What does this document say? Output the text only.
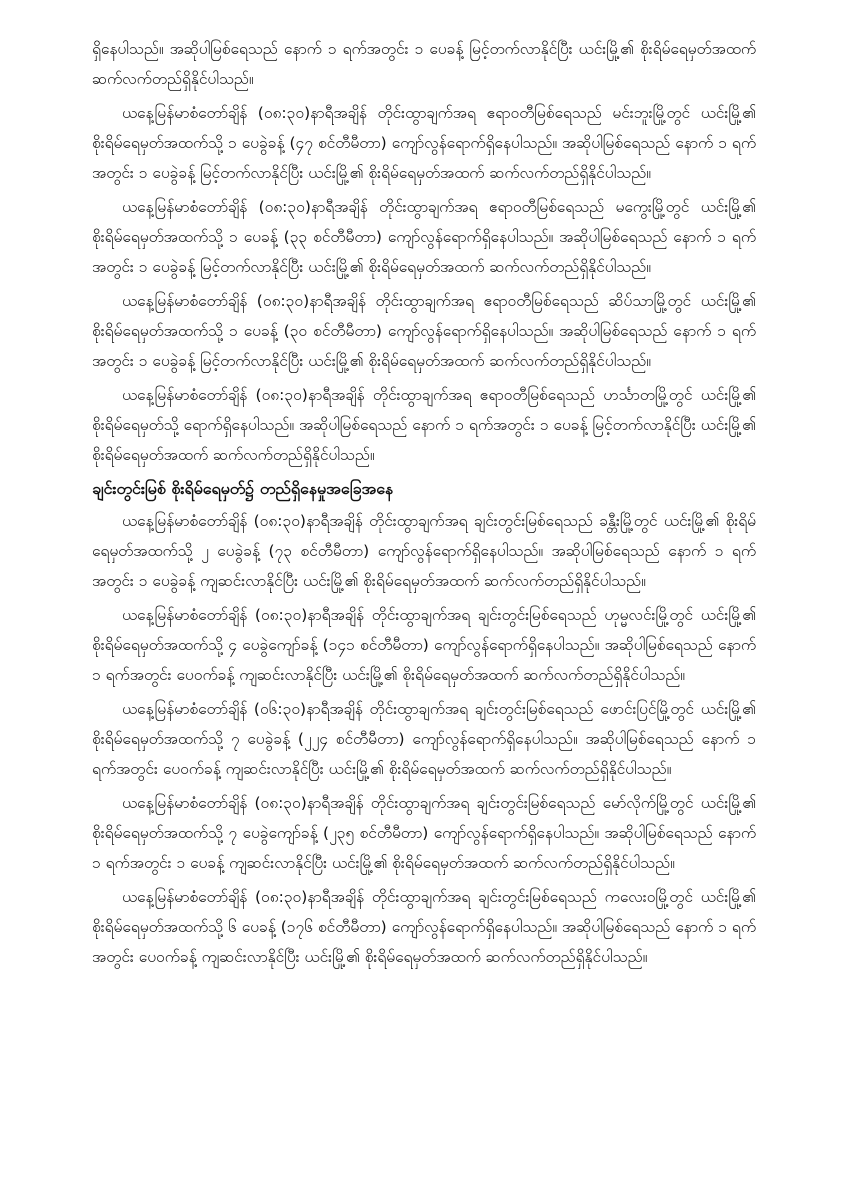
ရှိနေပါသည်။ အဆိုပါမြစ်ရေသည် နောက် ၁ ရက်အတွင်း ၁ ပေခန့် မြင့်တက်လာနိုင်ပြီး ယင်းမြို့၏ စိုးရိမ်ရေမှတ်အထက် ဆက်လက်တည်ရှိနိုင်ပါသည်။

ယနေ့မြန်မာစံတော်ချိန် (၀၈:၃၀)နာရီအချိန် တိုင်းထွာချက်အရ ဧရာဝတီမြစ်ရေသည် မင်းဘူးမြို့တွင် ယင်းမြို့၏ စိုးရိမ်ရေမှတ်အထက်သို့ ၁ ပေခွဲခန့် (၄၇ စင်တီမီတာ) ကျော်လွန်ရောက်ရှိနေပါသည်။ အဆိုပါမြစ်ရေသည် နောက် ၁ ရက်အတွင်း ၁ ပေခွဲခန့် မြင့်တက်လာနိုင်ပြီး ယင်းမြို့၏ စိုးရိမ်ရေမှတ်အထက် ဆက်လက်တည်ရှိနိုင်ပါသည်။

ယနေ့မြန်မာစံတော်ချိန် (၀၈:၃၀)နာရီအချိန် တိုင်းထွာချက်အရ ဧရာဝတီမြစ်ရေသည် မကွေးမြို့တွင် ယင်းမြို့၏ စိုးရိမ်ရေမှတ်အထက်သို့ ၁ ပေခန့် (၃၃ စင်တီမီတာ) ကျော်လွန်ရောက်ရှိနေပါသည်။ အဆိုပါမြစ်ရေသည် နောက် ၁ ရက်အတွင်း ၁ ပေခွဲခန့် မြင့်တက်လာနိုင်ပြီး ယင်းမြို့၏ စိုးရိမ်ရေမှတ်အထက် ဆက်လက်တည်ရှိနိုင်ပါသည်။

ယနေ့မြန်မာစံတော်ချိန် (၀၈:၃၀)နာရီအချိန် တိုင်းထွာချက်အရ ဧရာဝတီမြစ်ရေသည် ဆိပ်သာမြို့တွင် ယင်းမြို့၏ စိုးရိမ်ရေမှတ်အထက်သို့ ၁ ပေခန့် (၃၀ စင်တီမီတာ) ကျော်လွန်ရောက်ရှိနေပါသည်။ အဆိုပါမြစ်ရေသည် နောက် ၁ ရက်အတွင်း ၁ ပေခွဲခန့် မြင့်တက်လာနိုင်ပြီး ယင်းမြို့၏ စိုးရိမ်ရေမှတ်အထက် ဆက်လက်တည်ရှိနိုင်ပါသည်။

ယနေ့မြန်မာစံတော်ချိန် (၀၈:၃၀)နာရီအချိန် တိုင်းထွာချက်အရ ဧရာဝတီမြစ်ရေသည် ဟင်္သာတမြို့တွင် ယင်းမြို့၏ စိုးရိမ်ရေမှတ်သို့ ရောက်ရှိနေပါသည်။ အဆိုပါမြစ်ရေသည် နောက် ၁ ရက်အတွင်း ၁ ပေခန့် မြင့်တက်လာနိုင်ပြီး ယင်းမြို့၏ စိုးရိမ်ရေမှတ်အထက် ဆက်လက်တည်ရှိနိုင်ပါသည်။

ချင်းတွင်းမြစ် စိုးရိမ်ရေမှတ်၌ တည်ရှိနေမှုအခြေအနေ

ယနေ့မြန်မာစံတော်ချိန် (၀၈:၃၀)နာရီအချိန် တိုင်းထွာချက်အရ ချင်းတွင်းမြစ်ရေသည် ခန္တီးမြို့တွင် ယင်းမြို့၏ စိုးရိမ်ရေမှတ်အထက်သို့ ၂ ပေခွဲခန့် (၇၃ စင်တီမီတာ) ကျော်လွန်ရောက်ရှိနေပါသည်။ အဆိုပါမြစ်ရေသည် နောက် ၁ ရက်အတွင်း ၁ ပေခွဲခန့် ကျဆင်းလာနိုင်ပြီး ယင်းမြို့၏ စိုးရိမ်ရေမှတ်အထက် ဆက်လက်တည်ရှိနိုင်ပါသည်။

ယနေ့မြန်မာစံတော်ချိန် (၀၈:၃၀)နာရီအချိန် တိုင်းထွာချက်အရ ချင်းတွင်းမြစ်ရေသည် ဟုမ္မလင်းမြို့တွင် ယင်းမြို့၏ စိုးရိမ်ရေမှတ်အထက်သို့ ၄ ပေခွဲကျော်ခန့် (၁၄၁ စင်တီမီတာ) ကျော်လွန်ရောက်ရှိနေပါသည်။ အဆိုပါမြစ်ရေသည် နောက် ၁ ရက်အတွင်း ပေဝက်ခန့် ကျဆင်းလာနိုင်ပြီး ယင်းမြို့၏ စိုးရိမ်ရေမှတ်အထက် ဆက်လက်တည်ရှိနိုင်ပါသည်။

ယနေ့မြန်မာစံတော်ချိန် (၀၆:၃၀)နာရီအချိန် တိုင်းထွာချက်အရ ချင်းတွင်းမြစ်ရေသည် ဖောင်းပြင်မြို့တွင် ယင်းမြို့၏ စိုးရိမ်ရေမှတ်အထက်သို့ ၇ ပေခွဲခန့် (၂၂၄ စင်တီမီတာ) ကျော်လွန်ရောက်ရှိနေပါသည်။ အဆိုပါမြစ်ရေသည် နောက် ၁ ရက်အတွင်း ပေဝက်ခန့် ကျဆင်းလာနိုင်ပြီး ယင်းမြို့၏ စိုးရိမ်ရေမှတ်အထက် ဆက်လက်တည်ရှိနိုင်ပါသည်။

ယနေ့မြန်မာစံတော်ချိန် (၀၈:၃၀)နာရီအချိန် တိုင်းထွာချက်အရ ချင်းတွင်းမြစ်ရေသည် မော်လိုက်မြို့တွင် ယင်းမြို့၏ စိုးရိမ်ရေမှတ်အထက်သို့ ၇ ပေခွဲကျော်ခန့် (၂၃၅ စင်တီမီတာ) ကျော်လွန်ရောက်ရှိနေပါသည်။ အဆိုပါမြစ်ရေသည် နောက် ၁ ရက်အတွင်း ၁ ပေခန့် ကျဆင်းလာနိုင်ပြီး ယင်းမြို့၏ စိုးရိမ်ရေမှတ်အထက် ဆက်လက်တည်ရှိနိုင်ပါသည်။

ယနေ့မြန်မာစံတော်ချိန် (၀၈:၃၀)နာရီအချိန် တိုင်းထွာချက်အရ ချင်းတွင်းမြစ်ရေသည် ကလေးဝမြို့တွင် ယင်းမြို့၏ စိုးရိမ်ရေမှတ်အထက်သို့ ၆ ပေခန့် (၁၇၆ စင်တီမီတာ) ကျော်လွန်ရောက်ရှိနေပါသည်။ အဆိုပါမြစ်ရေသည် နောက် ၁ ရက်အတွင်း ပေဝက်ခန့် ကျဆင်းလာနိုင်ပြီး ယင်းမြို့၏ စိုးရိမ်ရေမှတ်အထက် ဆက်လက်တည်ရှိနိုင်ပါသည်။
